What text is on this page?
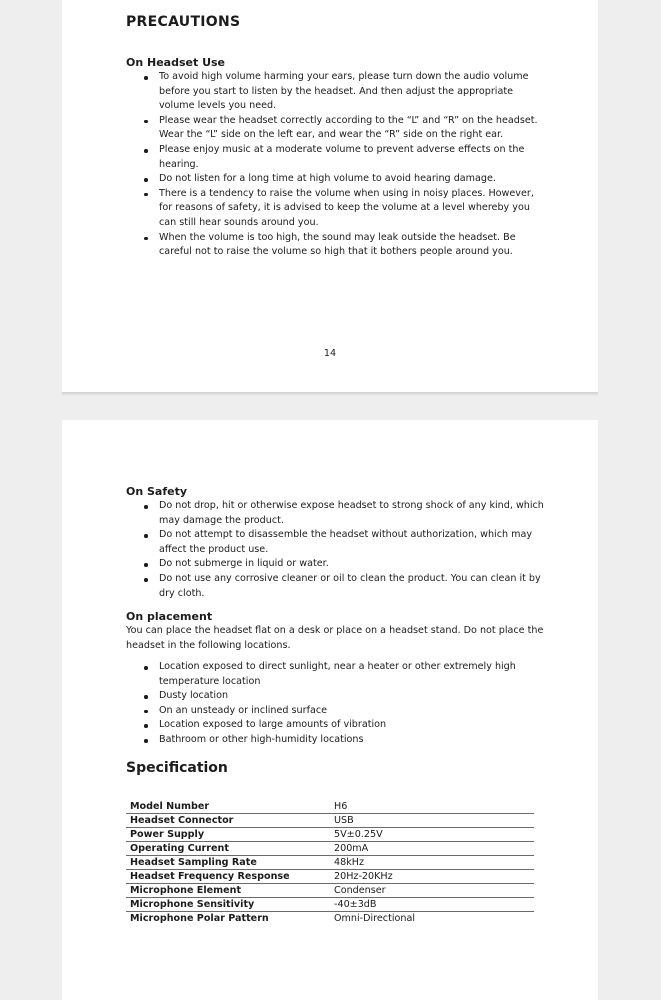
PRECAUTIONS
On Headset Use
To avoid high volume harming your ears, please turn down the audio volume before you start to listen by the headset. And then adjust the appropriate volume levels you need.
Please wear the headset correctly according to the “L” and “R” on the headset. Wear the “L” side on the left ear, and wear the “R” side on the right ear.
Please enjoy music at a moderate volume to prevent adverse effects on the hearing.
Do not listen for a long time at high volume to avoid hearing damage.
There is a tendency to raise the volume when using in noisy places. However, for reasons of safety, it is advised to keep the volume at a level whereby you can still hear sounds around you.
When the volume is too high, the sound may leak outside the headset. Be careful not to raise the volume so high that it bothers people around you.
14
On Safety
Do not drop, hit or otherwise expose headset to strong shock of any kind, which may damage the product.
Do not attempt to disassemble the headset without authorization, which may affect the product use.
Do not submerge in liquid or water.
Do not use any corrosive cleaner or oil to clean the product. You can clean it by dry cloth.
On placement

You can place the headset flat on a desk or place on a headset stand. Do not place the headset in the following locations.

Location exposed to direct sunlight, near a heater or other extremely high temperature location
Dusty location
On an unsteady or inclined surface
Location exposed to large amounts of vibration
Bathroom or other high-humidity locations
Specification
Model Number	H6
Headset Connector	USB
Power Supply	5V±0.25V
Operating Current	200mA
Headset Sampling Rate	48kHz
Headset Frequency Response	20Hz-20KHz
Microphone Element	Condenser
Microphone Sensitivity	-40±3dB
Microphone Polar Pattern	Omni-Directional
